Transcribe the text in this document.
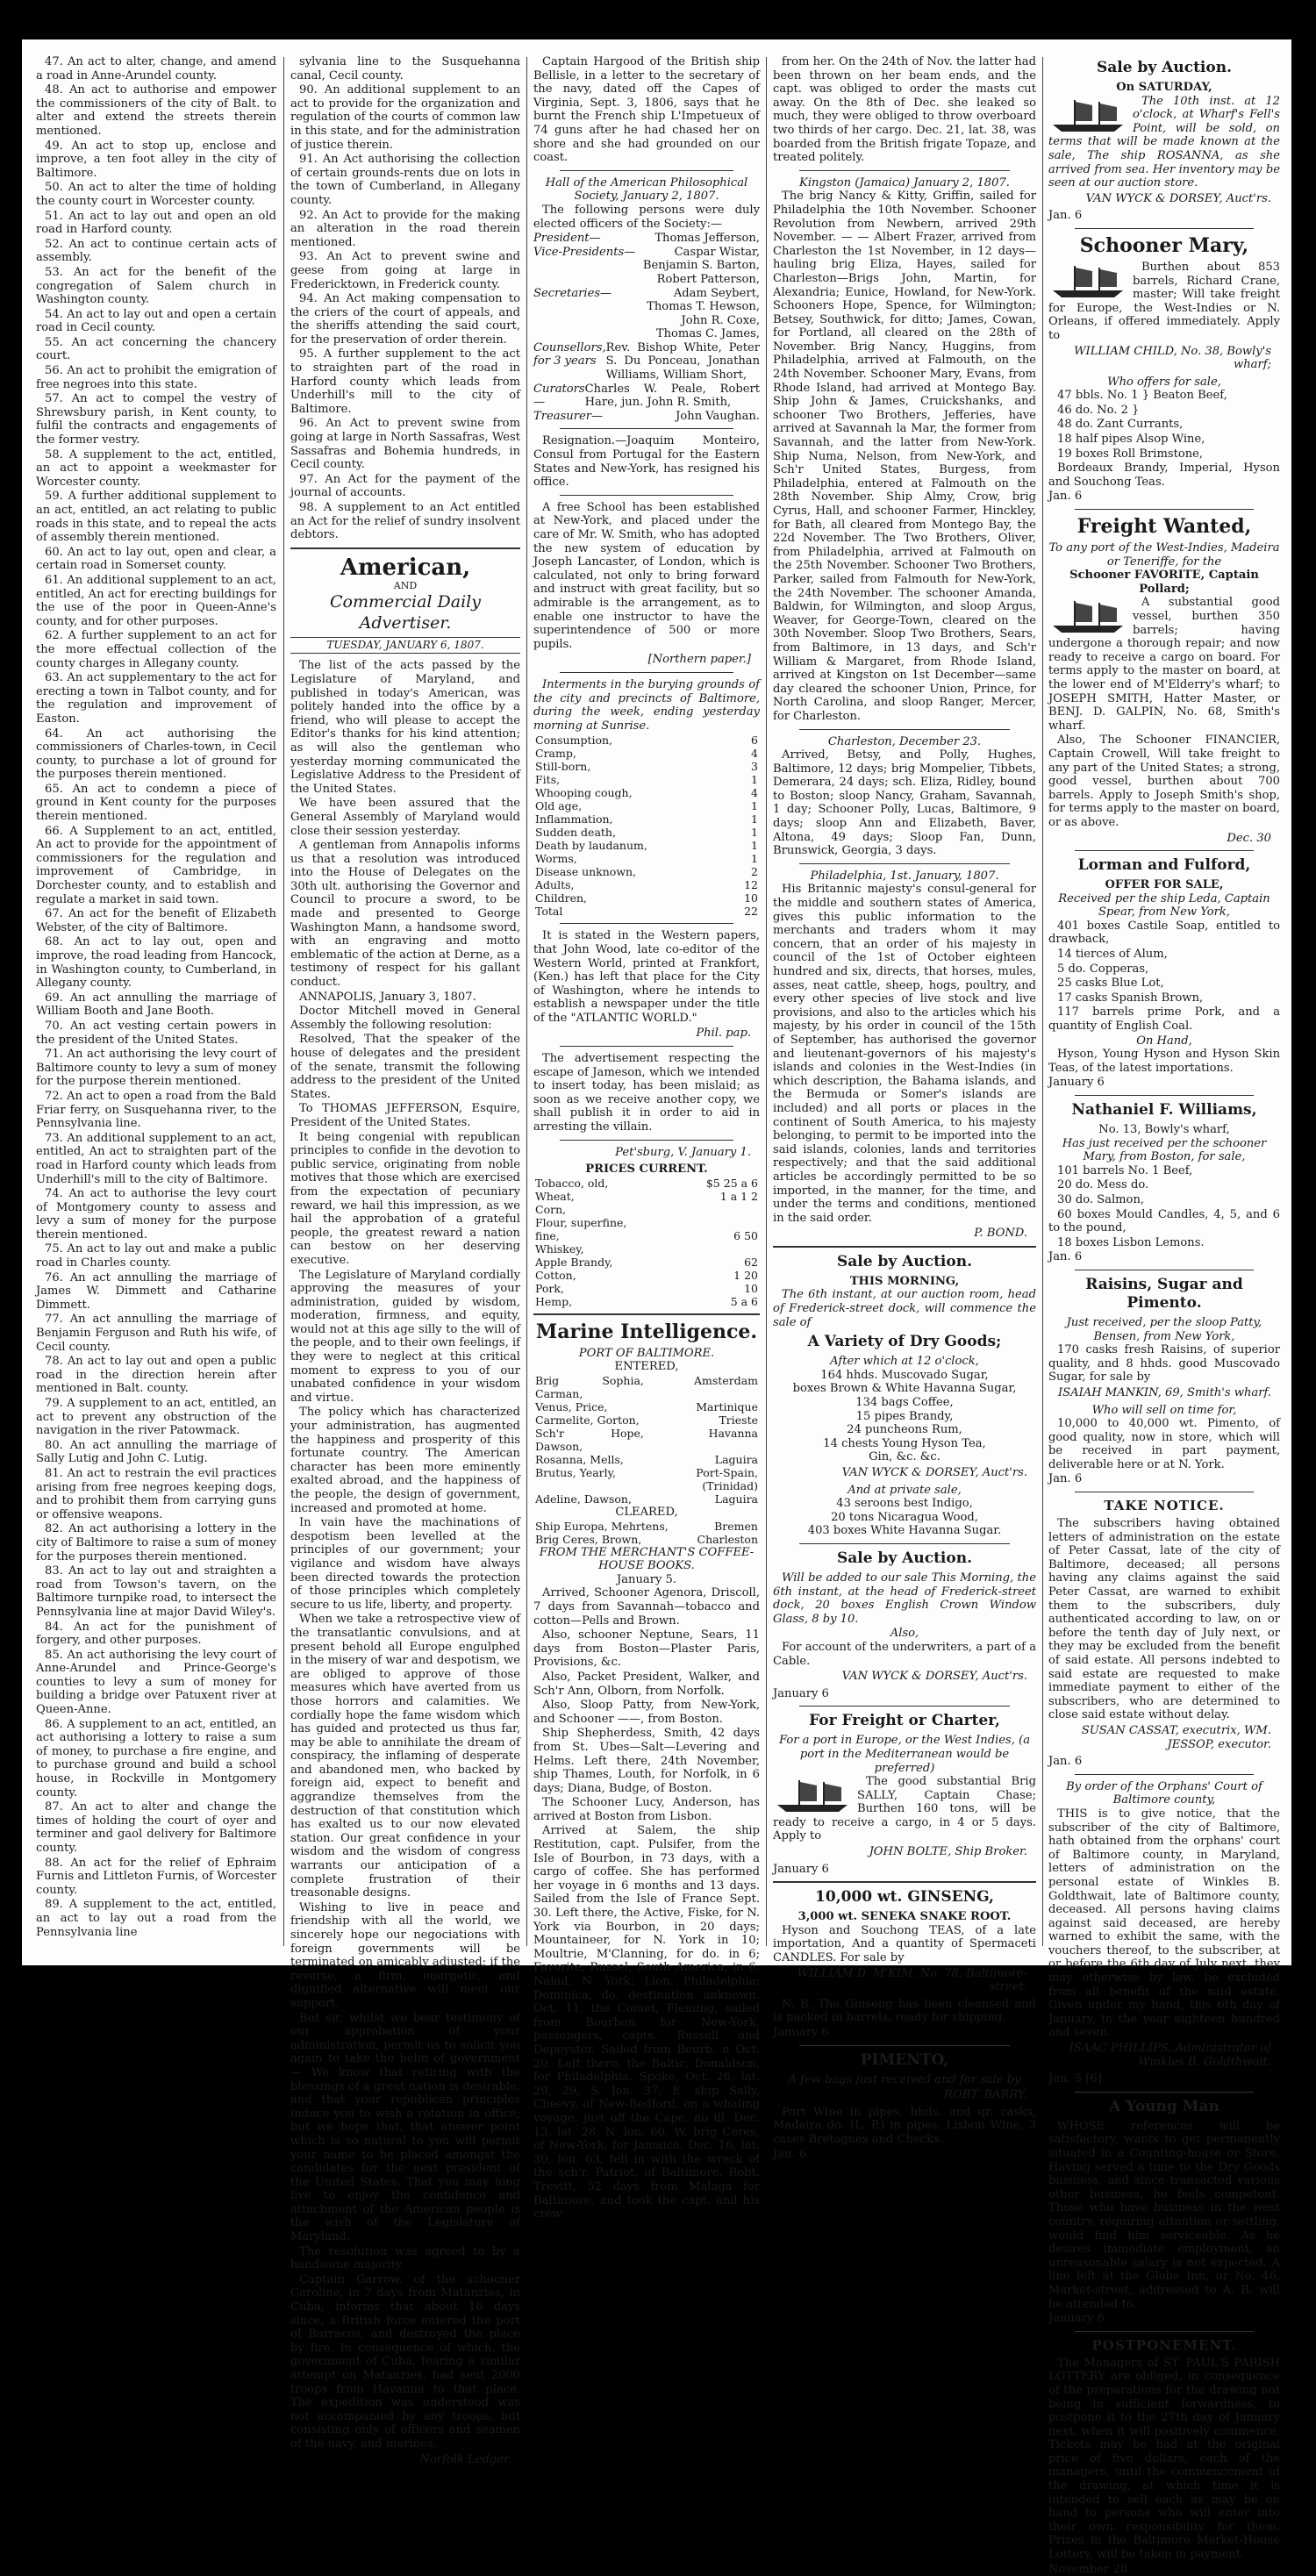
47. An act to alter, change, and amend a road in Anne-Arundel county.
48. An act to authorise and empower the commissioners of the city of Balt. to alter and extend the streets therein mentioned.
49. An act to stop up, enclose and improve, a ten foot alley in the city of Baltimore.
50. An act to alter the time of holding the county court in Worcester county.
51. An act to lay out and open an old road in Harford county.
52. An act to continue certain acts of assembly.
53. An act for the benefit of the congregation of Salem church in Washington county.
54. An act to lay out and open a certain road in Cecil county.
55. An act concerning the chancery court.
56. An act to prohibit the emigration of free negroes into this state.
57. An act to compel the vestry of Shrewsbury parish, in Kent county, to fulfil the contracts and engagements of the former vestry.
58. A supplement to the act, entitled, an act to appoint a weekmaster for Worcester county.
59. A further additional supplement to an act, entitled, an act relating to public roads in this state, and to repeal the acts of assembly therein mentioned.
60. An act to lay out, open and clear, a certain road in Somerset county.
61. An additional supplement to an act, entitled, An act for erecting buildings for the use of the poor in Queen-Anne's county, and for other purposes.
62. A further supplement to an act for the more effectual collection of the county charges in Allegany county.
63. An act supplementary to the act for erecting a town in Talbot county, and for the regulation and improvement of Easton.
64. An act authorising the commissioners of Charles-town, in Cecil county, to purchase a lot of ground for the purposes therein mentioned.
65. An act to condemn a piece of ground in Kent county for the purposes therein mentioned.
66. A Supplement to an act, entitled, An act to provide for the appointment of commissioners for the regulation and improvement of Cambridge, in Dorchester county, and to establish and regulate a market in said town.
67. An act for the benefit of Elizabeth Webster, of the city of Baltimore.
68. An act to lay out, open and improve, the road leading from Hancock, in Washington county, to Cumberland, in Allegany county.
69. An act annulling the marriage of William Booth and Jane Booth.
70. An act vesting certain powers in the president of the United States.
71. An act authorising the levy court of Baltimore county to levy a sum of money for the purpose therein mentioned.
72. An act to open a road from the Bald Friar ferry, on Susquehanna river, to the Pennsylvania line.
73. An additional supplement to an act, entitled, An act to straighten part of the road in Harford county which leads from Underhill's mill to the city of Baltimore.
74. An act to authorise the levy court of Montgomery county to assess and levy a sum of money for the purpose therein mentioned.
75. An act to lay out and make a public road in Charles county.
76. An act annulling the marriage of James W. Dimmett and Catharine Dimmett.
77. An act annulling the marriage of Benjamin Ferguson and Ruth his wife, of Cecil county.
78. An act to lay out and open a public road in the direction herein after mentioned in Balt. county.
79. A supplement to an act, entitled, an act to prevent any obstruction of the navigation in the river Patowmack.
80. An act annulling the marriage of Sally Lutig and John C. Lutig.
81. An act to restrain the evil practices arising from free negroes keeping dogs, and to prohibit them from carrying guns or offensive weapons.
82. An act authorising a lottery in the city of Baltimore to raise a sum of money for the purposes therein mentioned.
83. An act to lay out and straighten a road from Towson's tavern, on the Baltimore turnpike road, to intersect the Pennsylvania line at major David Wiley's.
84. An act for the punishment of forgery, and other purposes.
85. An act authorising the levy court of Anne-Arundel and Prince-George's counties to levy a sum of money for building a bridge over Patuxent river at Queen-Anne.
86. A supplement to an act, entitled, an act authorising a lottery to raise a sum of money, to purchase a fire engine, and to purchase ground and build a school house, in Rockville in Montgomery county.
87. An act to alter and change the times of holding the court of oyer and terminer and gaol delivery for Baltimore county.
88. An act for the relief of Ephraim Furnis and Littleton Furnis, of Worcester county.
89. A supplement to the act, entitled, an act to lay out a road from the Pennsylvania line
sylvania line to the Susquehanna canal, Cecil county.
90. An additional supplement to an act to provide for the organization and regulation of the courts of common law in this state, and for the administration of justice therein.
91. An Act authorising the collection of certain grounds-rents due on lots in the town of Cumberland, in Allegany county.
92. An Act to provide for the making an alteration in the road therein mentioned.
93. An Act to prevent swine and geese from going at large in Fredericktown, in Frederick county.
94. An Act making compensation to the criers of the court of appeals, and the sheriffs attending the said court, for the preservation of order therein.
95. A further supplement to the act to straighten part of the road in Harford county which leads from Underhill's mill to the city of Baltimore.
96. An Act to prevent swine from going at large in North Sassafras, West Sassafras and Bohemia hundreds, in Cecil county.
97. An Act for the payment of the journal of accounts.
98. A supplement to an Act entitled an Act for the relief of sundry insolvent debtors.
American,
AND
Commercial Daily Advertiser.
TUESDAY, JANUARY 6, 1807.
The list of the acts passed by the Legislature of Maryland, and published in today's American, was politely handed into the office by a friend, who will please to accept the Editor's thanks for his kind attention; as will also the gentleman who yesterday morning communicated the Legislative Address to the President of the United States.
We have been assured that the General Assembly of Maryland would close their session yesterday.
A gentleman from Annapolis informs us that a resolution was introduced into the House of Delegates on the 30th ult. authorising the Governor and Council to procure a sword, to be made and presented to George Washington Mann, a handsome sword, with an engraving and motto emblematic of the action at Derne, as a testimony of respect for his gallant conduct.
ANNAPOLIS, January 3, 1807.
Doctor Mitchell moved in General Assembly the following resolution:
Resolved, That the speaker of the house of delegates and the president of the senate, transmit the following address to the president of the United States.
To THOMAS JEFFERSON, Esquire, President of the United States.
It being congenial with republican principles to confide in the devotion to public service, originating from noble motives that those which are exercised from the expectation of pecuniary reward, we hail this impression, as we hail the approbation of a grateful people, the greatest reward a nation can bestow on her deserving executive.
The Legislature of Maryland cordially approving the measures of your administration, guided by wisdom, moderation, firmness, and equity, would not at this age silly to the will of the people, and to their own feelings, if they were to neglect at this critical moment to express to you of our unabated confidence in your wisdom and virtue.
The policy which has characterized your administration, has augmented the happiness and prosperity of this fortunate country. The American character has been more eminently exalted abroad, and the happiness of the people, the design of government, increased and promoted at home.
In vain have the machinations of despotism been levelled at the principles of our government; your vigilance and wisdom have always been directed towards the protection of those principles which completely secure to us life, liberty, and property.
When we take a retrospective view of the transatlantic convulsions, and at present behold all Europe engulphed in the misery of war and despotism, we are obliged to approve of those measures which have averted from us those horrors and calamities. We cordially hope the fame wisdom which has guided and protected us thus far, may be able to annihilate the dream of conspiracy, the inflaming of desperate and abandoned men, who backed by foreign aid, expect to benefit and aggrandize themselves from the destruction of that constitution which has exalted us to our now elevated station. Our great confidence in your wisdom and the wisdom of congress warrants our anticipation of a complete frustration of their treasonable designs.
Wishing to live in peace and friendship with all the world, we sincerely hope our negociations with foreign governments will be terminated on amicably adjusted; if the reverse, a firm, energetic, and dignified alternative will meet our support.
But sir, whilst we bear testimony of our approbation of your administration, permit us to solicit you again to take the helm of government — We know that retiring with the blessings of a great nation is desirable, and that your republican principles induce you to wish a rotation in office; but we hope that, that answer point which is so natural to you will permit your name to be placed amongst the candidates for the next president of the United States. That you may long live to enjoy the confidence and attachment of the American people is the wish of the Legislature of Maryland.
The resolution was agreed to by a handsome majority.
Captain Garrow, of the schooner Caroline, in 7 days from Matanzies, in Cuba, informs that about 16 days since, a British force entered the port of Barracos, and destroyed the place by fire. In consequence of which, the government of Cuba, fearing a similar attempt on Matanzies, had sent 2000 troops from Havanna to that place. The expedition was understood was not accompanied by any troops, but consisting only of officers and seamen of the navy, and marines.
Norfolk Ledger.
Captain Hargood of the British ship Bellisle, in a letter to the secretary of the navy, dated off the Capes of Virginia, Sept. 3, 1806, says that he burnt the French ship L'Impetueux of 74 guns after he had chased her on shore and she had grounded on our coast.
Hall of the American Philosophical Society, January 2, 1807.
The following persons were duly elected officers of the Society:—
President—	Thomas Jefferson,
Vice-Presidents—	Caspar Wistar,
Benjamin S. Barton,
Robert Patterson,
Secretaries—	Adam Seybert,
Thomas T. Hewson,
John R. Coxe,
Thomas C. James,
Counsellors, for 3 years
Rev. Bishop White, Peter S. Du Ponceau, Jonathan Williams, William Short,
Curators—
Charles W. Peale, Robert Hare, jun. John R. Smith,
Treasurer—	John Vaughan.
Resignation.—Joaquim Monteiro, Consul from Portugal for the Eastern States and New-York, has resigned his office.
A free School has been established at New-York, and placed under the care of Mr. W. Smith, who has adopted the new system of education by Joseph Lancaster, of London, which is calculated, not only to bring forward and instruct with great facility, but so admirable is the arrangement, as to enable one instructor to have the superintendence of 500 or more pupils.
[Northern paper.]
Interments in the burying grounds of the city and precincts of Baltimore, during the week, ending yesterday morning at Sunrise.
Consumption,	6
Cramp,	4
Still-born,	3
Fits,	1
Whooping cough,	4
Old age,	1
Inflammation,	1
Sudden death,	1
Death by laudanum,	1
Worms,	1
Disease unknown,	2
Adults,	12
Children,	10
Total	22
It is stated in the Western papers, that John Wood, late co-editor of the Western World, printed at Frankfort, (Ken.) has left that place for the City of Washington, where he intends to establish a newspaper under the title of the "ATLANTIC WORLD."
Phil. pap.
The advertisement respecting the escape of Jameson, which we intended to insert today, has been mislaid; as soon as we receive another copy, we shall publish it in order to aid in arresting the villain.
Pet'sburg, V. January 1.
PRICES CURRENT.
Tobacco, old,	$5 25 a 6
Wheat,	1 a 1 2
Corn,	
Flour, superfine,	
fine,	6 50
Whiskey,	
Apple Brandy,	62
Cotton,	1 20
Pork,	10
Hemp,	5 a 6
Marine Intelligence.
PORT OF BALTIMORE.
ENTERED,
Brig Sophia, Carman,	Amsterdam
Venus, Price,	Martinique
Carmelite, Gorton,	Trieste
Sch'r Hope, Dawson,	Havanna
Rosanna, Mells,	Laguira
Brutus, Yearly,	Port-Spain, (Trinidad)
Adeline, Dawson,	Laguira
CLEARED,
Ship Europa, Mehrtens,	Bremen
Brig Ceres, Brown,	Charleston
FROM THE MERCHANT'S COFFEE-HOUSE BOOKS.
January 5.
Arrived, Schooner Agenora, Driscoll, 7 days from Savannah—tobacco and cotton—Pells and Brown.
Also, schooner Neptune, Sears, 11 days from Boston—Plaster Paris, Provisions, &c.
Also, Packet President, Walker, and Sch'r Ann, Olborn, from Norfolk.
Also, Sloop Patty, from New-York, and Schooner ——, from Boston.
Ship Shepherdess, Smith, 42 days from St. Ubes—Salt—Levering and Helms. Left there, 24th November, ship Thames, Louth, for Norfolk, in 6 days; Diana, Budge, of Boston.
The Schooner Lucy, Anderson, has arrived at Boston from Lisbon.
Arrived at Salem, the ship Restitution, capt. Pulsifer, from the Isle of Bourbon, in 73 days, with a cargo of coffee. She has performed her voyage in 6 months and 13 days. Sailed from the Isle of France Sept. 30. Left there, the Active, Fiske, for N. York via Bourbon, in 20 days; Mountaineer, for N. York in 10; Moultrie, M'Clanning, for do. in 6; Favorite, Russel, South America, in 6; Naiad, N. York; Lion, Philadelphia; Dominica, do. destination unknown. Oct. 11, the Comet, Fleming, sailed from Bourbon for New-York, passengers, capts. Russell and Depeyster. Sailed from Bourb. n Oct. 20. Left there, the Baltic, Donaldson, for Philadelphia. Spoke, Oct. 26, lat. 29, 29, S. lon. 37, E. ship Sally, Cheevy, of New-Bedford, on a whaling voyage. just off the Cape, no ill. Dec. 13, lat. 28, N. lon. 60, W. brig Ceres, of New-York, for Jamaica. Dec. 16, lat. 30, lon. 63, fell in with the wreck of the sch'r. Patriot, of Baltimore, Robt. Trevitt, 52 days from Malaga for Baltimore; and took the capt. and his crew
from her. On the 24th of Nov. the latter had been thrown on her beam ends, and the capt. was obliged to order the masts cut away. On the 8th of Dec. she leaked so much, they were obliged to throw overboard two thirds of her cargo. Dec. 21, lat. 38, was boarded from the British frigate Topaze, and treated politely.
Kingston (Jamaica) January 2, 1807.
The brig Nancy & Kitty, Griffin, sailed for Philadelphia the 10th November. Schooner Revolution from Newbern, arrived 29th November. — — Albert Frazer, arrived from Charleston the 1st November, in 12 days—hauling brig Eliza, Hayes, sailed for Charleston—Brigs John, Martin, for Alexandria; Eunice, Howland, for New-York. Schooners Hope, Spence, for Wilmington; Betsey, Southwick, for ditto; James, Cowan, for Portland, all cleared on the 28th of November. Brig Nancy, Huggins, from Philadelphia, arrived at Falmouth, on the 24th November. Schooner Mary, Evans, from Rhode Island, had arrived at Montego Bay. Ship John & James, Cruickshanks, and schooner Two Brothers, Jefferies, have arrived at Savannah la Mar, the former from Savannah, and the latter from New-York. Ship Numa, Nelson, from New-York, and Sch'r United States, Burgess, from Philadelphia, entered at Falmouth on the 28th November. Ship Almy, Crow, brig Cyrus, Hall, and schooner Farmer, Hinckley, for Bath, all cleared from Montego Bay, the 22d November. The Two Brothers, Oliver, from Philadelphia, arrived at Falmouth on the 25th November. Schooner Two Brothers, Parker, sailed from Falmouth for New-York, the 24th November. The schooner Amanda, Baldwin, for Wilmington, and sloop Argus, Weaver, for George-Town, cleared on the 30th November. Sloop Two Brothers, Sears, from Baltimore, in 13 days, and Sch'r William & Margaret, from Rhode Island, arrived at Kingston on 1st December—same day cleared the schooner Union, Prince, for North Carolina, and sloop Ranger, Mercer, for Charleston.
Charleston, December 23.
Arrived, Betsy, and Polly, Hughes, Baltimore, 12 days; brig Mompelier, Tibbets, Demerara, 24 days; sch. Eliza, Ridley, bound to Boston; sloop Nancy, Graham, Savannah, 1 day; Schooner Polly, Lucas, Baltimore, 9 days; sloop Ann and Elizabeth, Baver, Altona, 49 days; Sloop Fan, Dunn, Brunswick, Georgia, 3 days.
Philadelphia, 1st. January, 1807.
His Britannic majesty's consul-general for the middle and southern states of America, gives this public information to the merchants and traders whom it may concern, that an order of his majesty in council of the 1st of October eighteen hundred and six, directs, that horses, mules, asses, neat cattle, sheep, hogs, poultry, and every other species of live stock and live provisions, and also to the articles which his majesty, by his order in council of the 15th of September, has authorised the governor and lieutenant-governors of his majesty's islands and colonies in the West-Indies (in which description, the Bahama islands, and the Bermuda or Somer's islands are included) and all ports or places in the continent of South America, to his majesty belonging, to permit to be imported into the said islands, colonies, lands and territories respectively; and that the said additional articles be accordingly permitted to be so imported, in the manner, for the time, and under the terms and conditions, mentioned in the said order.
P. BOND.
Sale by Auction.
THIS MORNING,
The 6th instant, at our auction room, head of Frederick-street dock, will commence the sale of
A Variety of Dry Goods;
After which at 12 o'clock,
164 hhds. Muscovado Sugar,
boxes Brown & White Havanna Sugar,
134 bags Coffee,
15 pipes Brandy,
24 puncheons Rum,
14 chests Young Hyson Tea,
Gin, &c. &c.
VAN WYCK & DORSEY, Auct'rs.
And at private sale,
43 seroons best Indigo,
20 tons Nicaragua Wood,
403 boxes White Havanna Sugar.
Sale by Auction.
Will be added to our sale This Morning, the 6th instant, at the head of Frederick-street dock, 20 boxes English Crown Window Glass, 8 by 10.
Also,
For account of the underwriters, a part of a Cable.
VAN WYCK & DORSEY, Auct'rs.
January 6
For Freight or Charter,
For a port in Europe, or the West Indies, (a port in the Mediterranean would be preferred)
The good substantial Brig SALLY, Captain Chase; Burthen 160 tons, will be ready to receive a cargo, in 4 or 5 days. Apply to
JOHN BOLTE, Ship Broker.
January 6
10,000 wt. GINSENG,
3,000 wt. SENEKA SNAKE ROOT.
Hyson and Souchong TEAS, of a late importation, And a quantity of Spermaceti CANDLES. For sale by
WILLIAM D. M'KIM, No. 78, Baltimore-street.
N. B. The Ginseng has been cleansed and is packed in barrels, ready for shipping.
January 6
PIMENTO,
A few bags just received and for sale by
ROBT. BARRY.
Port Wine in pipes, hhds. and qr. casks, Madeira do. (L. P.) in pipes, Lisbon Wine, 3 cases Bretagnes and Checks.
Jan. 6
Sale by Auction.
On SATURDAY,
The 10th inst. at 12 o'clock, at Wharf's Fell's Point, will be sold, on terms that will be made known at the sale, The ship ROSANNA, as she arrived from sea. Her inventory may be seen at our auction store.
VAN WYCK & DORSEY, Auct'rs.
Jan. 6
Schooner Mary,
Burthen about 853 barrels, Richard Crane, master; Will take freight for Europe, the West-Indies or N. Orleans, if offered immediately. Apply to
WILLIAM CHILD, No. 38, Bowly's wharf;
Who offers for sale,
47 bbls. No. 1 } Beaton Beef,
46 do. No. 2 }
48 do. Zant Currants,
18 half pipes Alsop Wine,
19 boxes Roll Brimstone,
Bordeaux Brandy, Imperial, Hyson and Souchong Teas.
Jan. 6
Freight Wanted,
To any port of the West-Indies, Madeira or Teneriffe, for the
Schooner FAVORITE, Captain Pollard;
A substantial good vessel, burthen 350 barrels; having undergone a thorough repair; and now ready to receive a cargo on board. For terms apply to the master on board, at the lower end of M'Elderry's wharf; to JOSEPH SMITH, Hatter Master, or BENJ. D. GALPIN, No. 68, Smith's wharf.
Also, The Schooner FINANCIER, Captain Crowell, Will take freight to any part of the United States; a strong, good vessel, burthen about 700 barrels. Apply to Joseph Smith's shop, for terms apply to the master on board, or as above.
Dec. 30
Lorman and Fulford,
OFFER FOR SALE,
Received per the ship Leda, Captain Spear, from New York,
401 boxes Castile Soap, entitled to drawback,
14 tierces of Alum,
5 do. Copperas,
25 casks Blue Lot,
17 casks Spanish Brown,
117 barrels prime Pork, and a quantity of English Coal.
On Hand,
Hyson, Young Hyson and Hyson Skin Teas, of the latest importations.
January 6
Nathaniel F. Williams,
No. 13, Bowly's wharf,
Has just received per the schooner Mary, from Boston, for sale,
101 barrels No. 1 Beef,
20 do. Mess do.
30 do. Salmon,
60 boxes Mould Candles, 4, 5, and 6 to the pound,
18 boxes Lisbon Lemons.
Jan. 6
Raisins, Sugar and Pimento.
Just received, per the sloop Patty, Bensen, from New York,
170 casks fresh Raisins, of superior quality, and 8 hhds. good Muscovado Sugar, for sale by
ISAIAH MANKIN, 69, Smith's wharf.
Who will sell on time for,
10,000 to 40,000 wt. Pimento, of good quality, now in store, which will be received in part payment, deliverable here or at N. York.
Jan. 6
TAKE NOTICE.
The subscribers having obtained letters of administration on the estate of Peter Cassat, late of the city of Baltimore, deceased; all persons having any claims against the said Peter Cassat, are warned to exhibit them to the subscribers, duly authenticated according to law, on or before the tenth day of July next, or they may be excluded from the benefit of said estate. All persons indebted to said estate are requested to make immediate payment to either of the subscribers, who are determined to close said estate without delay.
SUSAN CASSAT, executrix, WM. JESSOP, executor.
Jan. 6
By order of the Orphans' Court of Baltimore county,
THIS is to give notice, that the subscriber of the city of Baltimore, hath obtained from the orphans' court of Baltimore county, in Maryland, letters of administration on the personal estate of Winkles B. Goldthwait, late of Baltimore county, deceased. All persons having claims against said deceased, are hereby warned to exhibit the same, with the vouchers thereof, to the subscriber, at or before the 6th day of July next, they may otherwise by law, be excluded from all benefit of the said estate. Given under my hand, this 6th day of January, in the year eighteen hundred and seven.
ISAAC PHILLIPS, Administrator of Winkles B. Goldthwait.
Jan. 5 [6]
A Young Man
WHOSE references will be satisfactory, wants to get permanently situated in a Counting-house or Store. Having served a time to the Dry Goods business, and since transacted various other business, he feels competent. Those who have business in the west country, requiring attention or settling, would find him serviceable. As he desires immediate employment, an unreasonable salary is not expected. A line left at the Globe Inn, or No. 46, Market-street, addressed to A. B. will be attended to.
January 6
POSTPONEMENT.
The Managers of ST. PAUL'S PARISH LOTTERY are obliged, in consequence of the preparations for the drawing not being in sufficient forwardness, to postpone it to the 27th day of January next, when it will positively commence. Tickets may be had at the original price of five dollars, each of the managers, until the commencement of the drawing, at which time it is intended to sell each as may be on hand to persons who will enter into their own responsibility for them. Prizes in the Baltimore Market-House Lottery, will be taken in payment.
November 28
